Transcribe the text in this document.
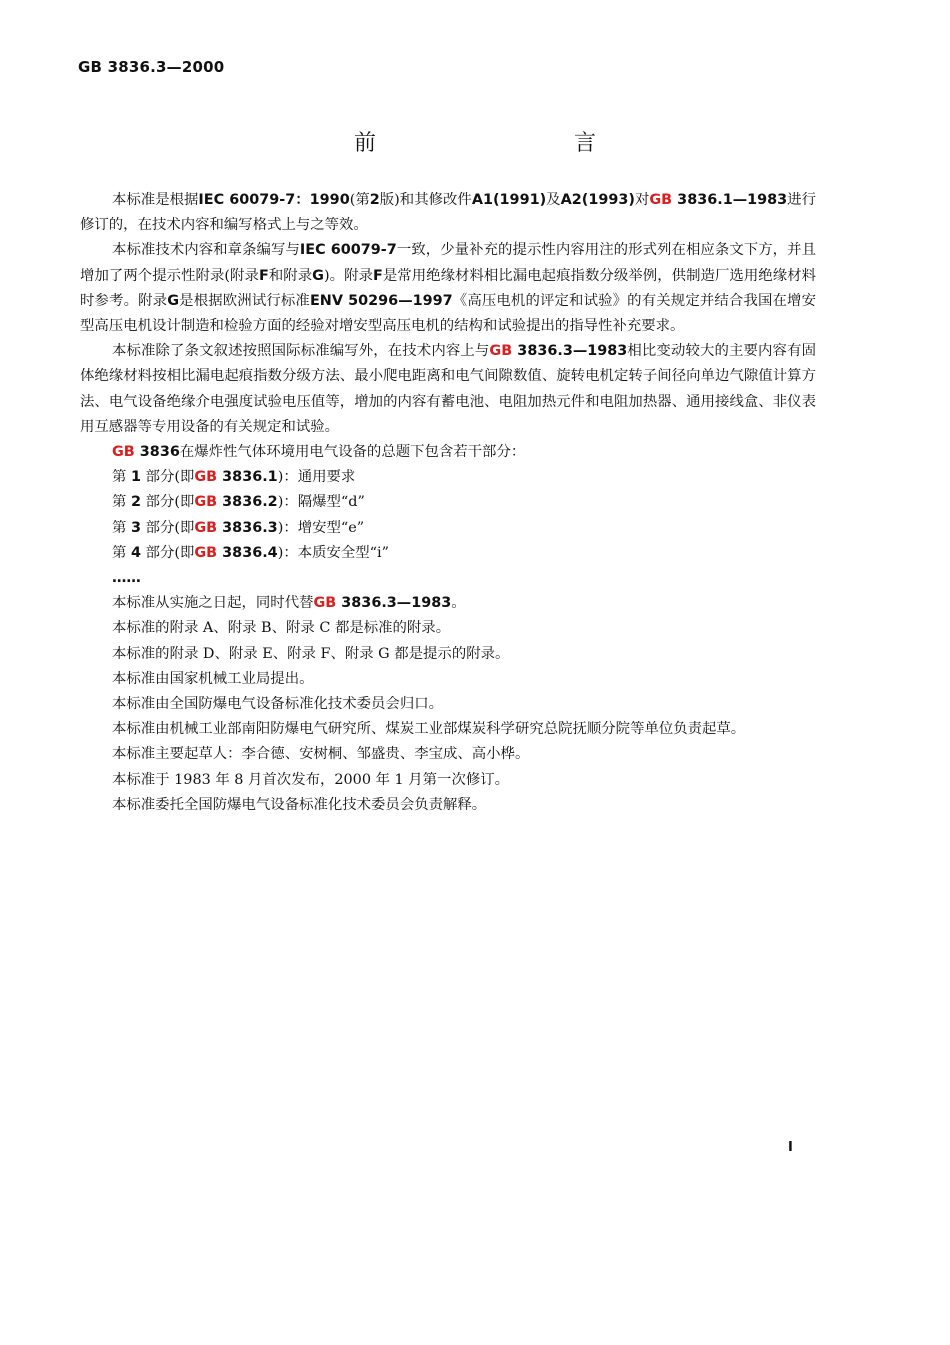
GB 3836.3—2000
前　言

本标准是根据IEC 60079-7：1990(第2版)和其修改件A1(1991)及A2(1993)对GB 3836.1—1983进行修订的，在技术内容和编写格式上与之等效。

本标准技术内容和章条编写与IEC 60079-7一致，少量补充的提示性内容用注的形式列在相应条文下方，并且增加了两个提示性附录(附录F和附录G)。附录F是常用绝缘材料相比漏电起痕指数分级举例，供制造厂选用绝缘材料时参考。附录G是根据欧洲试行标准ENV 50296—1997《高压电机的评定和试验》的有关规定并结合我国在增安型高压电机设计制造和检验方面的经验对增安型高压电机的结构和试验提出的指导性补充要求。

本标准除了条文叙述按照国际标准编写外，在技术内容上与GB 3836.3—1983相比变动较大的主要内容有固体绝缘材料按相比漏电起痕指数分级方法、最小爬电距离和电气间隙数值、旋转电机定转子间径向单边气隙值计算方法、电气设备绝缘介电强度试验电压值等，增加的内容有蓄电池、电阻加热元件和电阻加热器、通用接线盒、非仪表用互感器等专用设备的有关规定和试验。

GB 3836在爆炸性气体环境用电气设备的总题下包含若干部分：

第 1 部分(即GB 3836.1)：通用要求

第 2 部分(即GB 3836.2)：隔爆型“d”

第 3 部分(即GB 3836.3)：增安型“e”

第 4 部分(即GB 3836.4)：本质安全型“i”

……

本标准从实施之日起，同时代替GB 3836.3—1983。

本标准的附录 A、附录 B、附录 C 都是标准的附录。

本标准的附录 D、附录 E、附录 F、附录 G 都是提示的附录。

本标准由国家机械工业局提出。

本标准由全国防爆电气设备标准化技术委员会归口。

本标准由机械工业部南阳防爆电气研究所、煤炭工业部煤炭科学研究总院抚顺分院等单位负责起草。

本标准主要起草人：李合德、安树桐、邹盛贵、李宝成、高小桦。

本标准于 1983 年 8 月首次发布，2000 年 1 月第一次修订。

本标准委托全国防爆电气设备标准化技术委员会负责解释。

I
